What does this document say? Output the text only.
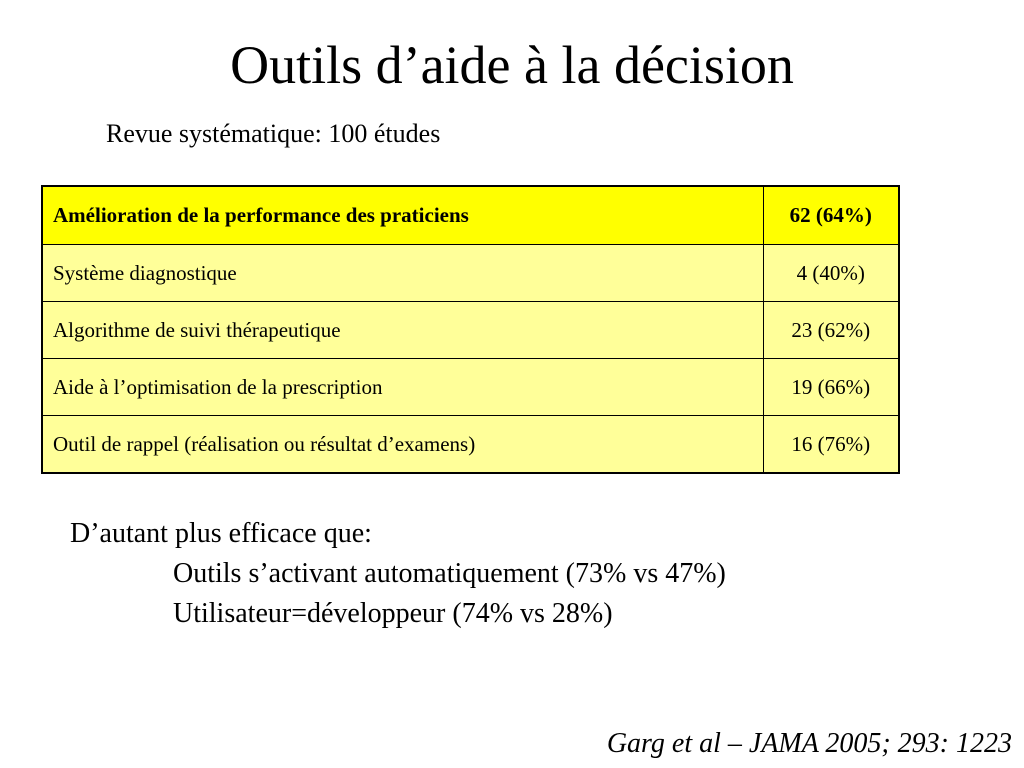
Outils d’aide à la décision
Revue systématique: 100 études
Amélioration de la performance des praticiens	62 (64%)
Système diagnostique	4 (40%)
Algorithme de suivi thérapeutique	23 (62%)
Aide à l’optimisation de la prescription	19 (66%)
Outil de rappel (réalisation ou résultat d’examens)	16 (76%)
D’autant plus efficace que:
Outils s’activant automatiquement (73% vs 47%)
Utilisateur=développeur (74% vs 28%)
Garg et al – JAMA 2005; 293: 1223
